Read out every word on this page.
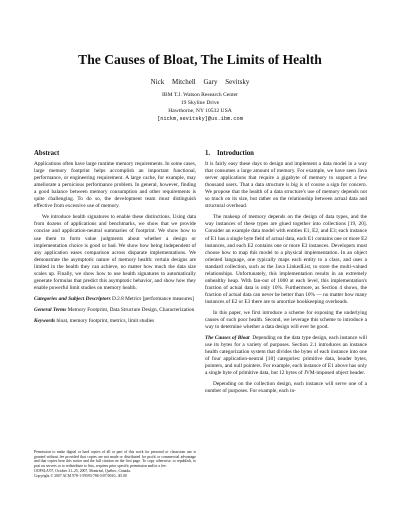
The Causes of Bloat, The Limits of Health
Nick Mitchell Gary Sevitsky
IBM T.J. Watson Research Center
19 Skyline Drive
Hawthorne, NY 10532 USA
[nickm,sevitsky]@us.ibm.com
Abstract

Applications often have large runtime memory requirements. In some cases, large memory footprint helps accomplish an important functional, performance, or engineering requirement. A large cache, for example, may ameliorate a pernicious performance problem. In general, however, finding a good balance between memory consumption and other requirements is quite challenging. To do so, the development team must distinguish effective from excessive use of memory.

We introduce health signatures to enable these distinctions. Using data from dozens of applications and benchmarks, we show that we provide concise and application-neutral summaries of footprint. We show how to use them to form value judgments about whether a design or implementation choice is good or bad. We show how being independent of any application eases comparison across disparate implementations. We demonstrate the asymptotic nature of memory health: certain designs are limited in the health they can achieve, no matter how much the data size scales up. Finally, we show how to use health signatures to automatically generate formulas that predict this asymptotic behavior, and show how they enable powerful limit studies on memory health.

Categories and Subject Descriptors D.2.8 Metrics [performance measures]

General Terms Memory Footprint, Data Structure Design, Characterization

Keywords bloat, memory footprint, metrics, limit studies

Permission to make digital or hard copies of all or part of this work for personal or classroom use is granted without fee provided that copies are not made or distributed for profit or commercial advantage and that copies bear this notice and the full citation on the first page. To copy otherwise, to republish, to post on servers or to redistribute to lists, requires prior specific permission and/or a fee.

OOPSLA'07, October 21–25, 2007, Montréal, Québec, Canada.

Copyright © 2007 ACM 978-1-59593-786-5/07/0010...$5.00

1. Introduction

It is fairly easy these days to design and implement a data model in a way that consumes a large amount of memory. For example, we have seen Java server applications that require a gigabyte of memory to support a few thousand users. That a data structure is big is of course a sign for concern. We propose that the health of a data structure's use of memory depends not so much on its size, but rather on the relationship between actual data and structural overhead.

The makeup of memory depends on the design of data types, and the way instances of these types are glued together into collections [19, 20]. Consider an example data model with entities E1, E2, and E3; each instance of E1 has a single byte field of actual data, each E1 contains one or more E2 instances, and each E2 contains one or more E3 instances. Developers must choose how to map this model to a physical implementation. In an object oriented language, one typically maps each entity to a class, and uses a standard collection, such as the Java LinkedList, to store the multi-valued relationships. Unfortunately, this implementation results in an extremely unhealthy heap. With fan-out of 1000 at each level, this implementation's fraction of actual data is only 10%. Furthermore, as Section 4 shows, the fraction of actual data can never be better than 10% — no matter how many instances of E2 or E3 there are to amortize bookkeeping overheads.

In this paper, we first introduce a scheme for exposing the underlying causes of such poor health. Second, we leverage this scheme to introduce a way to determine whether a data design will ever be good.

The Causes of Bloat Depending on the data type design, each instance will use its bytes for a variety of purposes. Section 2.1 introduces an instance health categorization system that divides the bytes of each instance into one of four application-neutral [18] categories: primitive data, header bytes, pointers, and null pointers. For example, each instance of E1 above has only a single byte of primitive data, but 12 bytes of JVM-imposed object header.

Depending on the collection design, each instance will serve one of a number of purposes. For example, each in-
